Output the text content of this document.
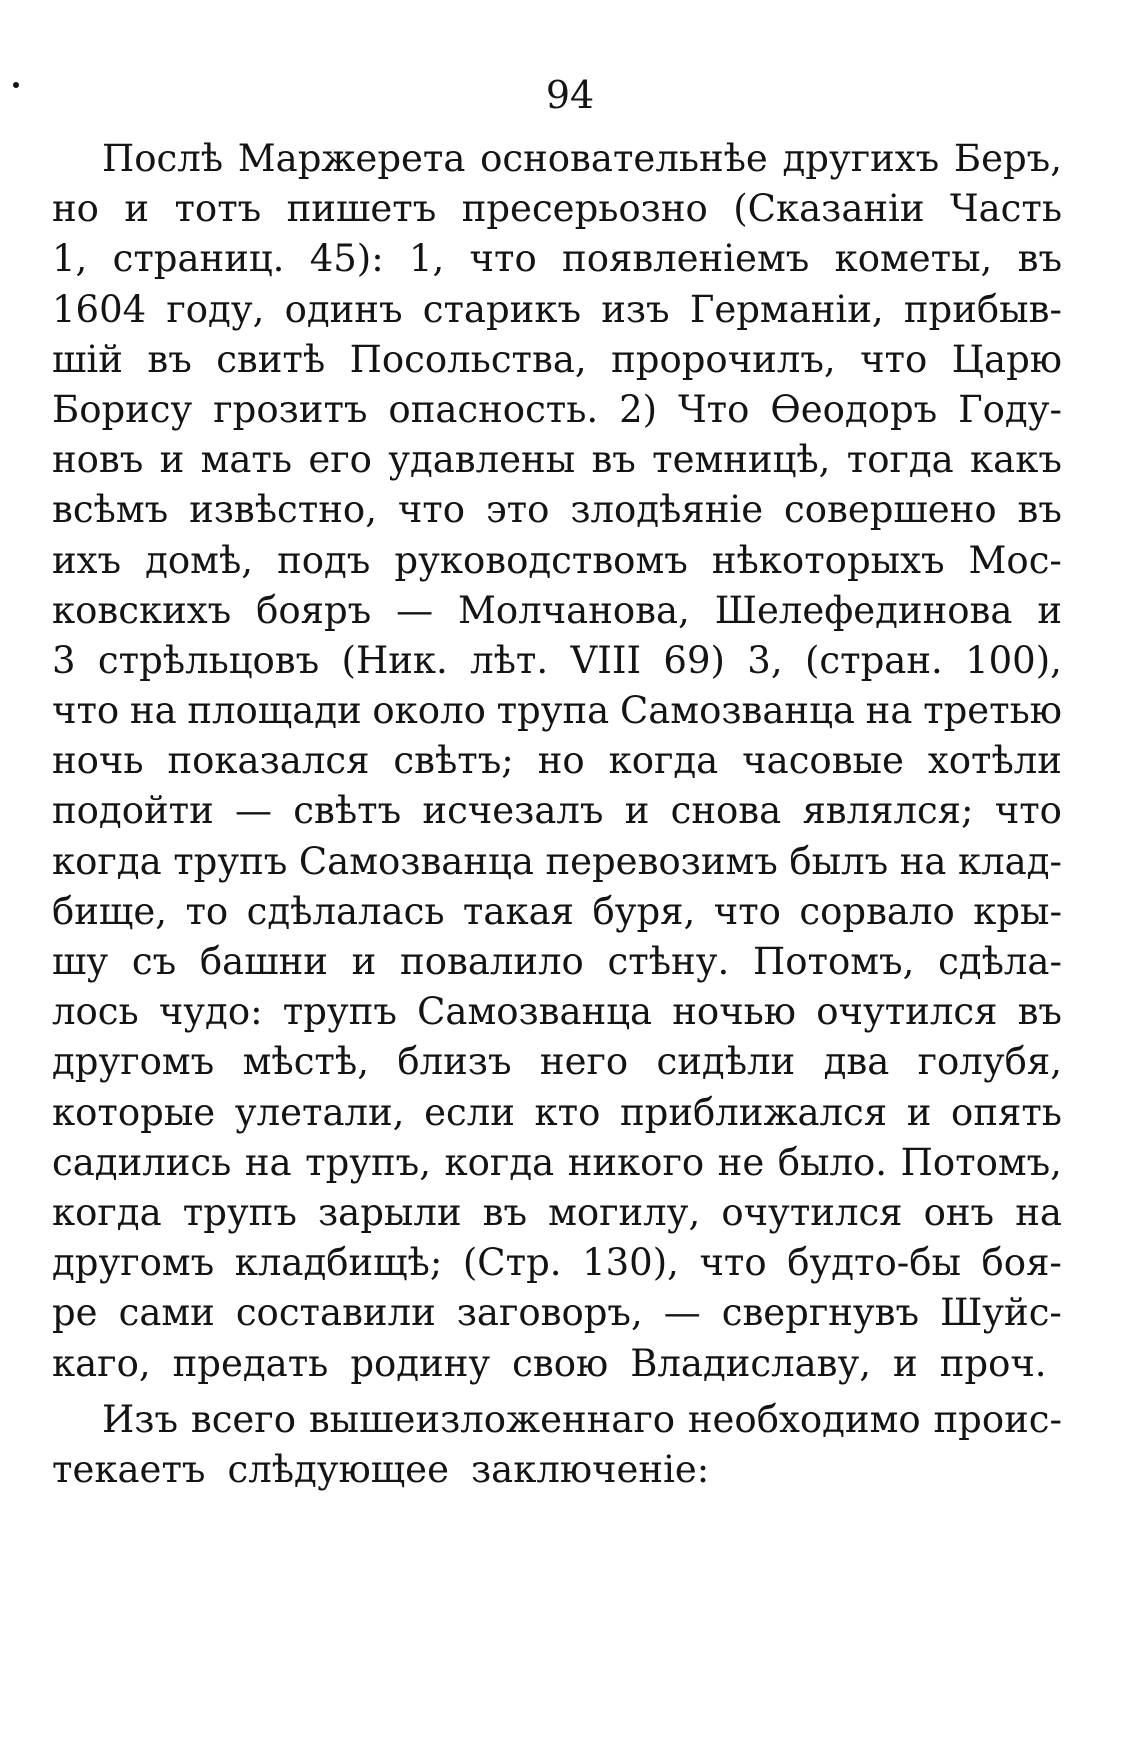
94
Послѣ Маржерета основательнѣе другихъ Беръ,
но и тотъ пишетъ пресерьозно (Сказаніи Часть
1, страниц. 45): 1, что появленіемъ кометы, въ
1604 году, одинъ старикъ изъ Германіи, прибыв-
шій въ свитѣ Посольства, пророчилъ, что Царю
Борису грозитъ опасность. 2) Что Ѳеодоръ Году-
новъ и мать его удавлены въ темницѣ, тогда какъ
всѣмъ извѣстно, что это злодѣяніе совершено въ
ихъ домѣ, подъ руководствомъ нѣкоторыхъ Мос-
ковскихъ бояръ — Молчанова, Шелефединова и
3 стрѣльцовъ (Ник. лѣт. VIII 69) 3, (стран. 100),
что на площади около трупа Самозванца на третью
ночь показался свѣтъ; но когда часовые хотѣли
подойти — свѣтъ исчезалъ и снова являлся; что
когда трупъ Самозванца перевозимъ былъ на клад-
бище, то сдѣлалась такая буря, что сорвало кры-
шу съ башни и повалило стѣну. Потомъ, сдѣла-
лось чудо: трупъ Самозванца ночью очутился въ
другомъ мѣстѣ, близъ него сидѣли два голубя,
которые улетали, если кто приближался и опять
садились на трупъ, когда никого не было. Потомъ,
когда трупъ зарыли въ могилу, очутился онъ на
другомъ кладбищѣ; (Стр. 130), что будто-бы боя-
ре сами составили заговоръ, — свергнувъ Шуйс-
каго, предать родину свою Владиславу, и проч.
Изъ всего вышеизложеннаго необходимо проис-
текаетъ слѣдующее заключеніе:
